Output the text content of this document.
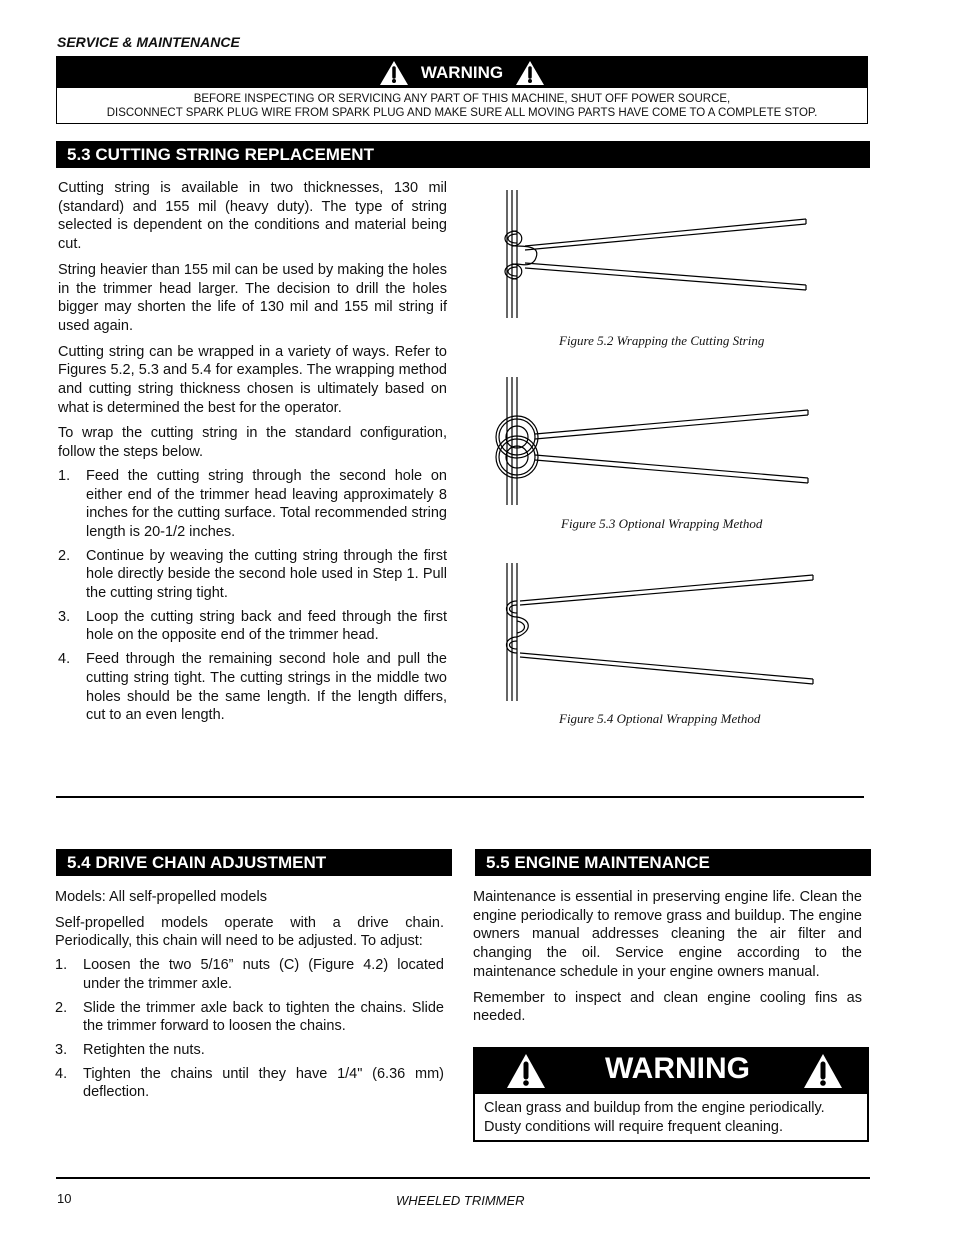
SERVICE & MAINTENANCE
WARNING
BEFORE INSPECTING OR SERVICING ANY PART OF THIS MACHINE, SHUT OFF POWER SOURCE,
DISCONNECT SPARK PLUG WIRE FROM SPARK PLUG AND MAKE SURE ALL MOVING PARTS HAVE COME TO A COMPLETE STOP.
5.3 CUTTING STRING REPLACEMENT

Cutting string is available in two thicknesses, 130 mil (standard) and 155 mil (heavy duty). The type of string selected is dependent on the conditions and material being cut.

String heavier than 155 mil can be used by making the holes in the trimmer head larger. The decision to drill the holes bigger may shorten the life of 130 mil and 155 mil string if used again.

Cutting string can be wrapped in a variety of ways. Refer to Figures 5.2, 5.3 and 5.4 for examples. The wrapping method and cutting string thickness chosen is ultimately based on what is determined the best for the operator.

To wrap the cutting string in the standard configuration, follow the steps below.

1.	Feed the cutting string through the second hole on either end of the trimmer head leaving approximately 8 inches for the cutting surface. Total recommended string length is 20-1/2 inches.
2.	Continue by weaving the cutting string through the first hole directly beside the second hole used in Step 1. Pull the cutting string tight.
3.	Loop the cutting string back and feed through the first hole on the opposite end of the trimmer head.
4.	Feed through the remaining second hole and pull the cutting string tight. The cutting strings in the middle two holes should be the same length. If the length differs, cut to an even length.
Figure 5.2 Wrapping the Cutting String
Figure 5.3 Optional Wrapping Method
Figure 5.4 Optional Wrapping Method
5.4 DRIVE CHAIN ADJUSTMENT

Models: All self-propelled models

Self-propelled models operate with a drive chain. Periodically, this chain will need to be adjusted. To adjust:

1.	Loosen the two 5/16” nuts (C) (Figure 4.2) located under the trimmer axle.
2.	Slide the trimmer axle back to tighten the chains. Slide the trimmer forward to loosen the chains.
3.	Retighten the nuts.
4.	Tighten the chains until they have 1/4" (6.36 mm) deflection.
5.5 ENGINE MAINTENANCE

Maintenance is essential in preserving engine life. Clean the engine periodically to remove grass and buildup. The engine owners manual addresses cleaning the air filter and changing the oil. Service engine according to the maintenance schedule in your engine owners manual.

Remember to inspect and clean engine cooling fins as needed.

WARNING
Clean grass and buildup from the engine periodically. Dusty conditions will require frequent cleaning.
10	WHEELED TRIMMER
